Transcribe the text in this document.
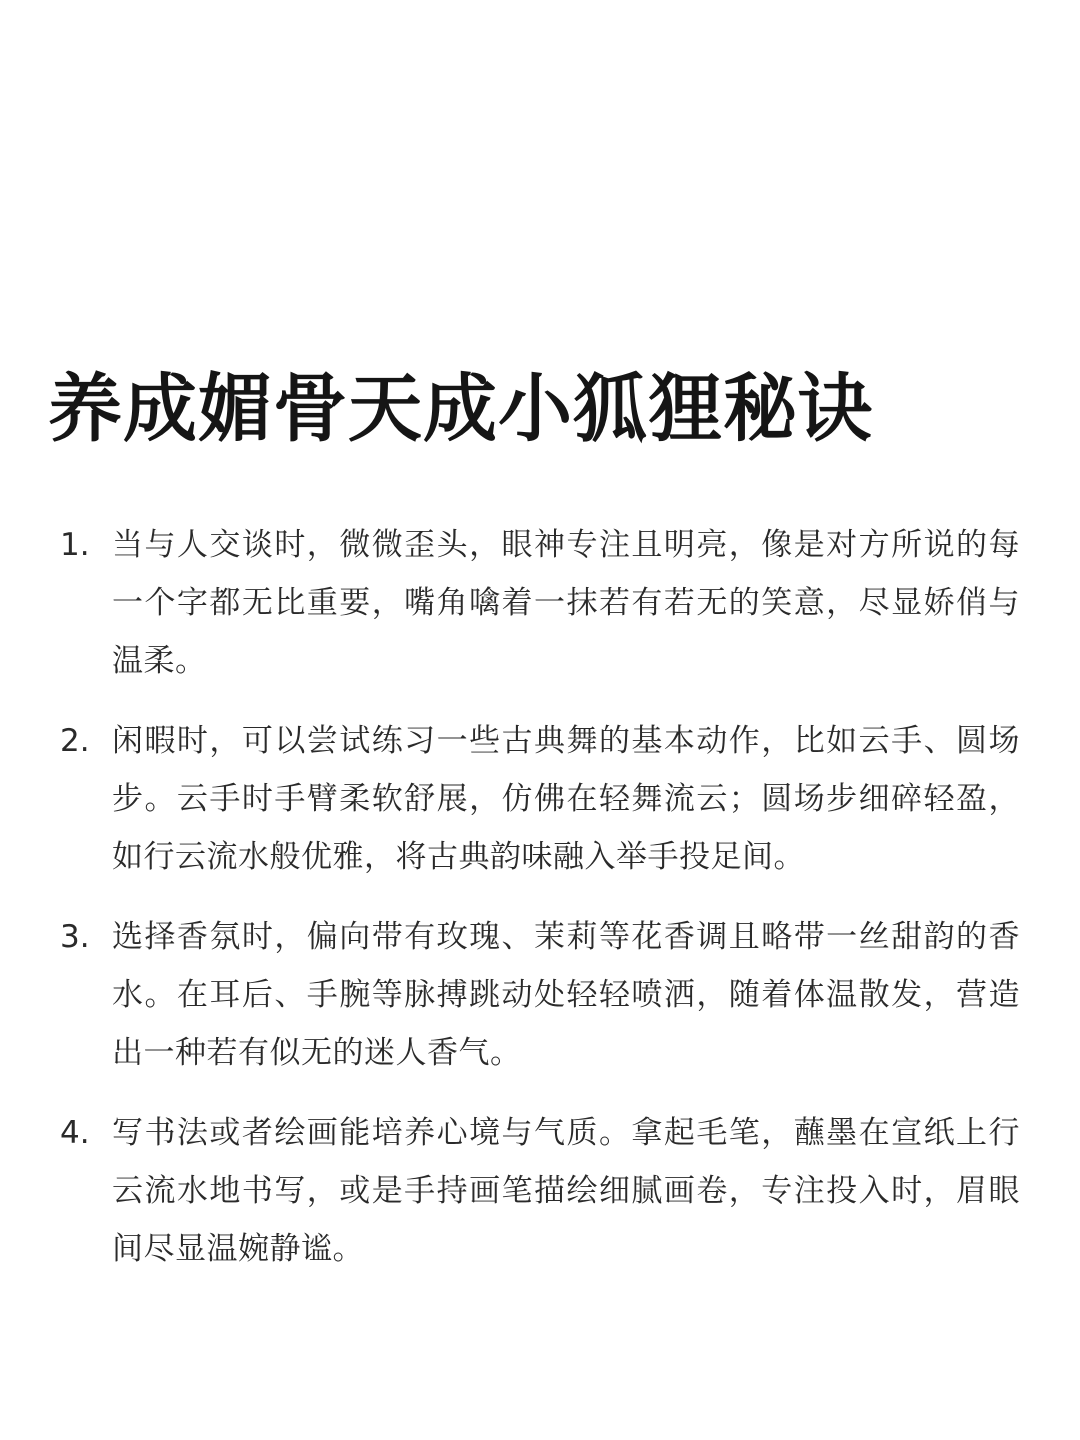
养成媚骨天成小狐狸秘诀
1. 当与人交谈时，微微歪头，眼神专注且明亮，像是对方所说的每一个字都无比重要，嘴角噙着一抹若有若无的笑意，尽显娇俏与温柔。
2. 闲暇时，可以尝试练习一些古典舞的基本动作，比如云手、圆场步。云手时手臂柔软舒展，仿佛在轻舞流云；圆场步细碎轻盈，如行云流水般优雅，将古典韵味融入举手投足间。
3. 选择香氛时，偏向带有玫瑰、茉莉等花香调且略带一丝甜韵的香水。在耳后、手腕等脉搏跳动处轻轻喷洒，随着体温散发，营造出一种若有似无的迷人香气。
4. 写书法或者绘画能培养心境与气质。拿起毛笔，蘸墨在宣纸上行云流水地书写，或是手持画笔描绘细腻画卷，专注投入时，眉眼间尽显温婉静谧。
